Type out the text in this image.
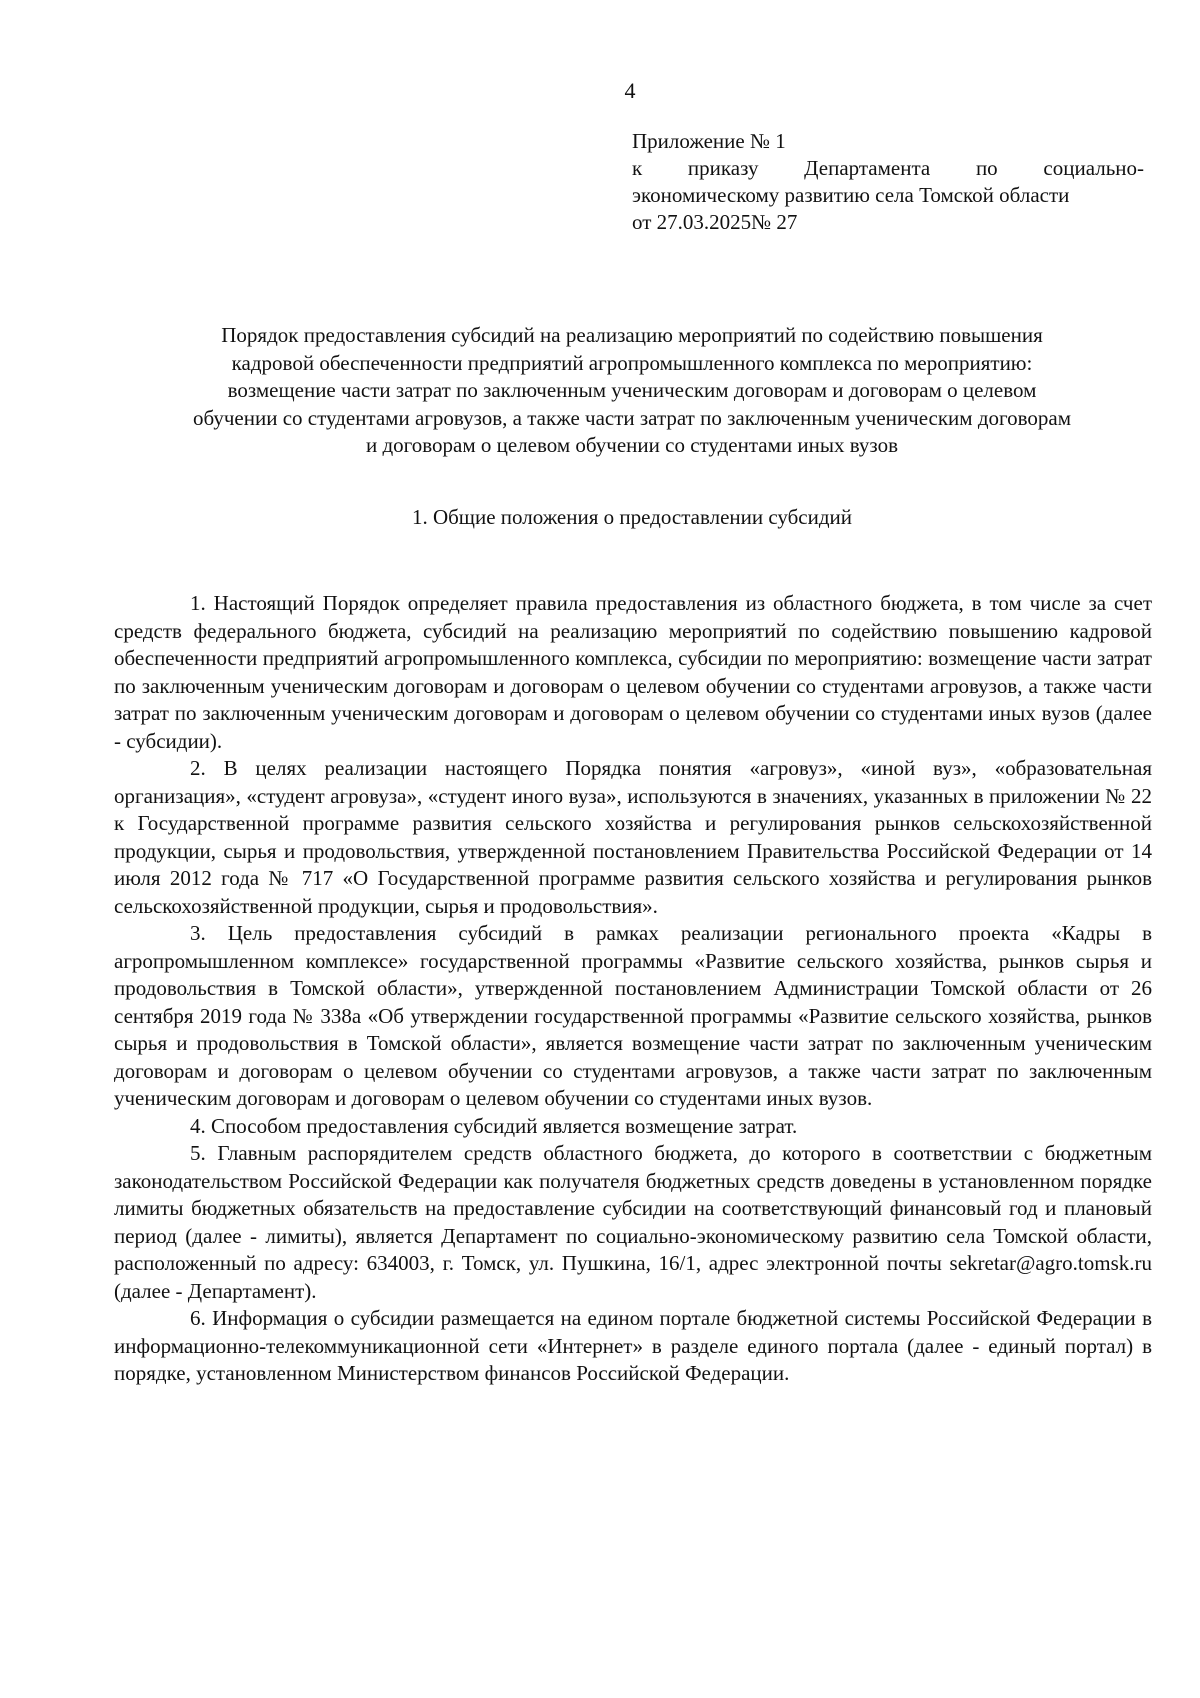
4
Приложение № 1
к приказу Департамента по социально-
экономическому развитию села Томской области
от 27.03.2025№ 27
Порядок предоставления субсидий на реализацию мероприятий по содействию повышения
кадровой обеспеченности предприятий агропромышленного комплекса по мероприятию:
возмещение части затрат по заключенным ученическим договорам и договорам о целевом
обучении со студентами агровузов, а также части затрат по заключенным ученическим договорам
и договорам о целевом обучении со студентами иных вузов
1. Общие положения о предоставлении субсидий

1. Настоящий Порядок определяет правила предоставления из областного бюджета, в том числе за счет средств федерального бюджета, субсидий на реализацию мероприятий по содействию повышению кадровой обеспеченности предприятий агропромышленного комплекса, субсидии по мероприятию: возмещение части затрат по заключенным ученическим договорам и договорам о целевом обучении со студентами агровузов, а также части затрат по заключенным ученическим договорам и договорам о целевом обучении со студентами иных вузов (далее - субсидии).

2. В целях реализации настоящего Порядка понятия «агровуз», «иной вуз», «образовательная организация», «студент агровуза», «студент иного вуза», используются в значениях, указанных в приложении № 22 к Государственной программе развития сельского хозяйства и регулирования рынков сельскохозяйственной продукции, сырья и продовольствия, утвержденной постановлением Правительства Российской Федерации от 14 июля 2012 года № 717 «О Государственной программе развития сельского хозяйства и регулирования рынков сельскохозяйственной продукции, сырья и продовольствия».

3. Цель предоставления субсидий в рамках реализации регионального проекта «Кадры в агропромышленном комплексе» государственной программы «Развитие сельского хозяйства, рынков сырья и продовольствия в Томской области», утвержденной постановлением Администрации Томской области от 26 сентября 2019 года № 338а «Об утверждении государственной программы «Развитие сельского хозяйства, рынков сырья и продовольствия в Томской области», является возмещение части затрат по заключенным ученическим договорам и договорам о целевом обучении со студентами агровузов, а также части затрат по заключенным ученическим договорам и договорам о целевом обучении со студентами иных вузов.

4. Способом предоставления субсидий является возмещение затрат.

5. Главным распорядителем средств областного бюджета, до которого в соответствии с бюджетным законодательством Российской Федерации как получателя бюджетных средств доведены в установленном порядке лимиты бюджетных обязательств на предоставление субсидии на соответствующий финансовый год и плановый период (далее - лимиты), является Департамент по социально-экономическому развитию села Томской области, расположенный по адресу: 634003, г. Томск, ул. Пушкина, 16/1, адрес электронной почты sekretar@agro.tomsk.ru (далее - Департамент).

6. Информация о субсидии размещается на едином портале бюджетной системы Российской Федерации в информационно-телекоммуникационной сети «Интернет» в разделе единого портала (далее - единый портал) в порядке, установленном Министерством финансов Российской Федерации.
